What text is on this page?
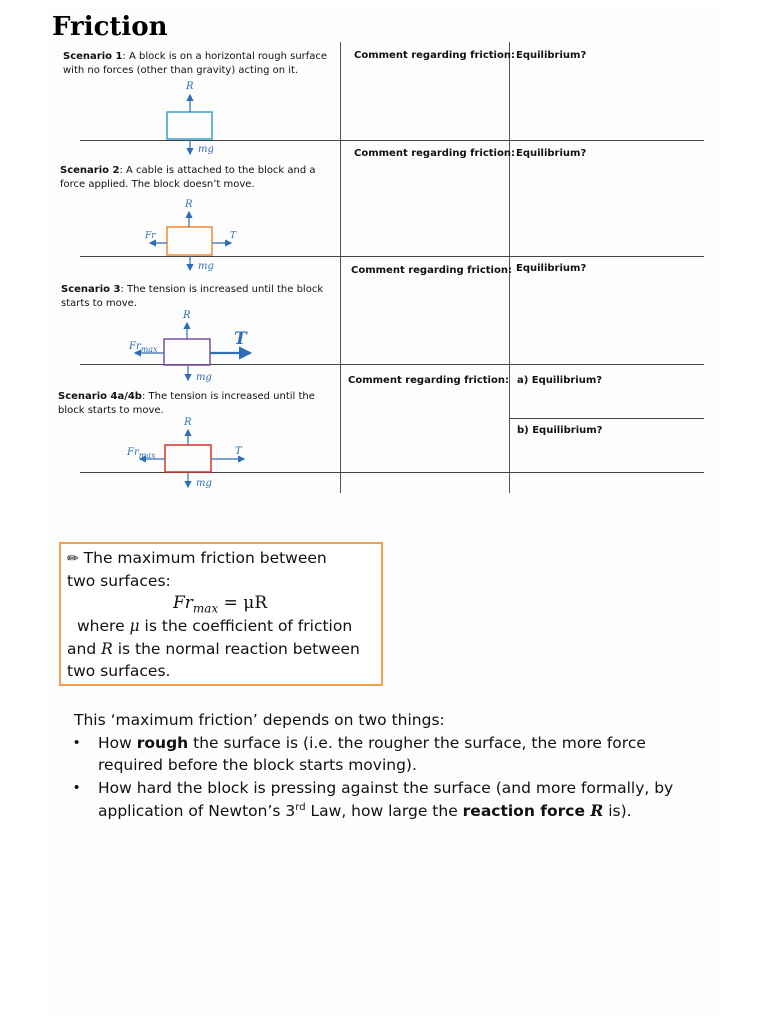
Friction
Comment regarding friction: Equilibrium?
Comment regarding friction: Equilibrium?
Comment regarding friction: Equilibrium?
Comment regarding friction: a) Equilibrium?
b) Equilibrium?
Scenario 1: A block is on a horizontal rough surface
with no forces (other than gravity) acting on it.
Scenario 2: A cable is attached to the block and a
force applied. The block doesn’t move.
Scenario 3: The tension is increased until the block
starts to move.
Scenario 4a/4b: The tension is increased until the
block starts to move.
R
mg
R
Fr	T
mg
R
$Fr_{max}$
T
mg
R
$Fr_{max}$	T
mg
✏ The maximum friction between
two surfaces:
$Fr_{max} = \mu R$
where μ is the coefficient of friction
and R is the normal reaction between
two surfaces.
This ‘maximum friction’ depends on two things:
• How rough the surface is (i.e. the rougher the surface, the more force
required before the block starts moving).
• How hard the block is pressing against the surface (and more formally, by
application of Newton’s 3rd Law, how large the reaction force R is).
